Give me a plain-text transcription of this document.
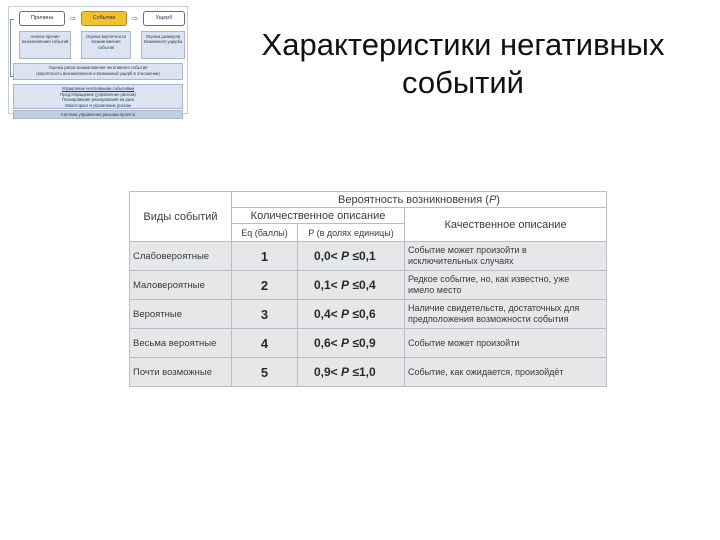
Причина	⇨	Событие	⇨	Ущерб
Анализ причин возникновения событий
Оценка вероятности возникновения события
Оценка размеров возможного ущерба
Оценка риска возникновения негативного события
(вероятность возникновения и возможный ущерб в отношении)
Управление негативными событиями
Предотвращение (управление риском)
Планирование реагирования на риск
Мониторинг и управление риском
Система управления рисками проекта
Характеристики негативных
событий
Виды событий	Вероятность возникновения (P)		
	Количественное описание		Качественное описание
	Eq (баллы)	P (в долях единицы)	
Слабовероятные	1	0,0< P ≤0,1	Событие может произойти в
исключительных случаях

Маловероятные	2	0,1< P ≤0,4	Редкое событие, но, как известно, уже
имело место

Вероятные	3	0,4< P ≤0,6	Наличие свидетельств, достаточных для
предположения возможности события

Весьма вероятные	4	0,6< P ≤0,9	Событие может произойти

Почти возможные	5	0,9< P ≤1,0	Событие, как ожидается, произойдёт
